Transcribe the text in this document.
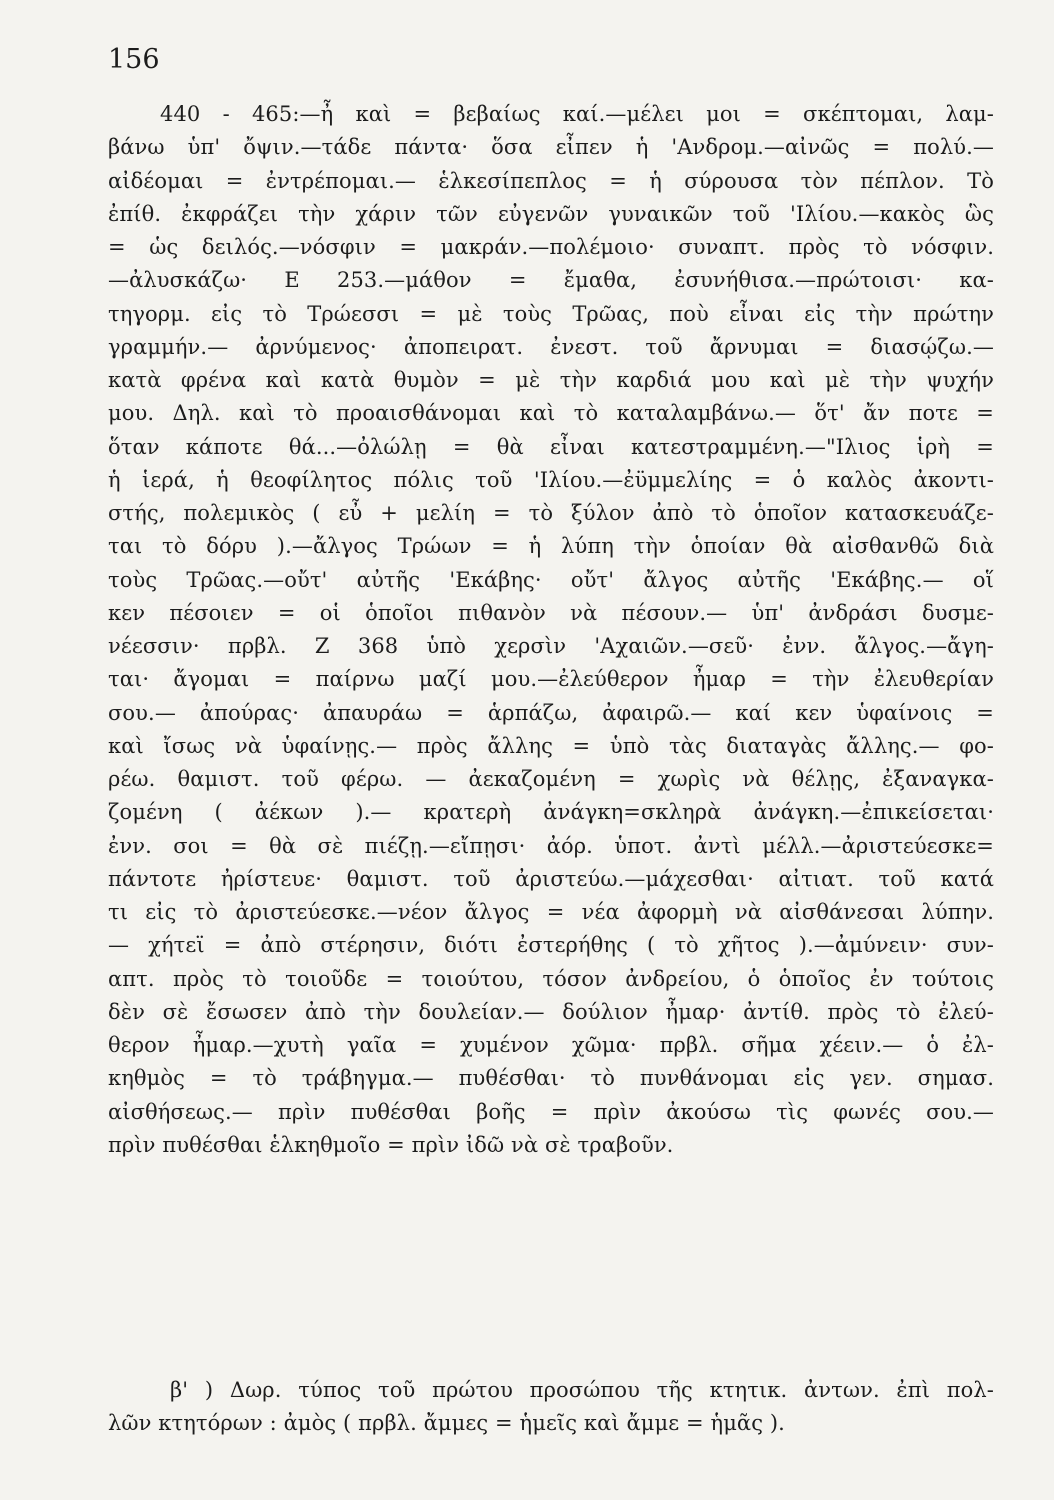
156
440 - 465:—ἦ καὶ = βεβαίως καί.—μέλει μοι = σκέπτομαι, λαμ-
βάνω ὑπ' ὄψιν.—τάδε πάντα· ὅσα εἶπεν ἡ 'Ανδρομ.—αἰνῶς = πολύ.—
αἰδέομαι = ἐντρέπομαι.— ἑλκεσίπεπλος = ἡ σύρουσα τὸν πέπλον. Τὸ
ἐπίθ. ἐκφράζει τὴν χάριν τῶν εὐγενῶν γυναικῶν τοῦ 'Ιλίου.—κακὸς ὣς
= ὡς δειλός.—νόσφιν = μακράν.—πολέμοιο· συναπτ. πρὸς τὸ νόσφιν.
—ἀλυσκάζω· Ε 253.—μάθον = ἔμαθα, ἐσυνήθισα.—πρώτοισι· κα-
τηγορμ. εἰς τὸ Τρώεσσι = μὲ τοὺς Τρῶας, ποὺ εἶναι εἰς τὴν πρώτην
γραμμήν.— ἀρνύμενος· ἀποπειρατ. ἐνεστ. τοῦ ἄρνυμαι = διασῴζω.—
κατὰ φρένα καὶ κατὰ θυμὸν = μὲ τὴν καρδιά μου καὶ μὲ τὴν ψυχήν
μου. Δηλ. καὶ τὸ προαισθάνομαι καὶ τὸ καταλαμβάνω.— ὅτ' ἄν ποτε =
ὅταν κάποτε θά...—ὀλώλῃ = θὰ εἶναι κατεστραμμένη.—"Ιλιος ἱρὴ =
ἡ ἱερά, ἡ θεοφίλητος πόλις τοῦ 'Ιλίου.—ἐϋμμελίης = ὁ καλὸς ἀκοντι-
στής, πολεμικὸς ( εὖ + μελίη = τὸ ξύλον ἀπὸ τὸ ὁποῖον κατασκευάζε-
ται τὸ δόρυ ).—ἄλγος Τρώων = ἡ λύπη τὴν ὁποίαν θὰ αἰσθανθῶ διὰ
τοὺς Τρῶας.—οὔτ' αὐτῆς 'Εκάβης· οὔτ' ἄλγος αὐτῆς 'Εκάβης.— οἵ
κεν πέσοιεν = οἱ ὁποῖοι πιθανὸν νὰ πέσουν.— ὑπ' ἀνδράσι δυσμε-
νέεσσιν· πρβλ. Ζ 368 ὑπὸ χερσὶν 'Αχαιῶν.—σεῦ· ἐνν. ἄλγος.—ἄγη-
ται· ἄγομαι = παίρνω μαζί μου.—ἐλεύθερον ἦμαρ = τὴν ἐλευθερίαν
σου.— ἀπούρας· ἀπαυράω = ἁρπάζω, ἀφαιρῶ.— καί κεν ὑφαίνοις =
καὶ ἴσως νὰ ὑφαίνῃς.— πρὸς ἄλλης = ὑπὸ τὰς διαταγὰς ἄλλης.— φο-
ρέω. θαμιστ. τοῦ φέρω. — ἀεκαζομένη = χωρὶς νὰ θέλῃς, ἐξαναγκα-
ζομένη ( ἀέκων ).— κρατερὴ ἀνάγκη=σκληρὰ ἀνάγκη.—ἐπικείσεται·
ἐνν. σοι = θὰ σὲ πιέζῃ.—εἴπῃσι· ἀόρ. ὑποτ. ἀντὶ μέλλ.—ἀριστεύεσκε=
πάντοτε ἠρίστευε· θαμιστ. τοῦ ἀριστεύω.—μάχεσθαι· αἰτιατ. τοῦ κατά
τι εἰς τὸ ἀριστεύεσκε.—νέον ἄλγος = νέα ἀφορμὴ νὰ αἰσθάνεσαι λύπην.
— χήτεϊ = ἀπὸ στέρησιν, διότι ἐστερήθης ( τὸ χῆτος ).—ἀμύνειν· συν-
απτ. πρὸς τὸ τοιοῦδε = τοιούτου, τόσον ἀνδρείου, ὁ ὁποῖος ἐν τούτοις
δὲν σὲ ἔσωσεν ἀπὸ τὴν δουλείαν.— δούλιον ἦμαρ· ἀντίθ. πρὸς τὸ ἐλεύ-
θερον ἦμαρ.—χυτὴ γαῖα = χυμένον χῶμα· πρβλ. σῆμα χέειν.— ὁ ἐλ-
κηθμὸς = τὸ τράβηγμα.— πυθέσθαι· τὸ πυνθάνομαι εἰς γεν. σημασ.
αἰσθήσεως.— πρὶν πυθέσθαι βοῆς = πρὶν ἀκούσω τὶς φωνές σου.—
πρὶν πυθέσθαι ἑλκηθμοῖο = πρὶν ἰδῶ νὰ σὲ τραβοῦν.
β' ) Δωρ. τύπος τοῦ πρώτου προσώπου τῆς κτητικ. ἀντων. ἐπὶ πολ-
λῶν κτητόρων : ἀμὸς ( πρβλ. ἄμμες = ἡμεῖς καὶ ἄμμε = ἡμᾶς ).
